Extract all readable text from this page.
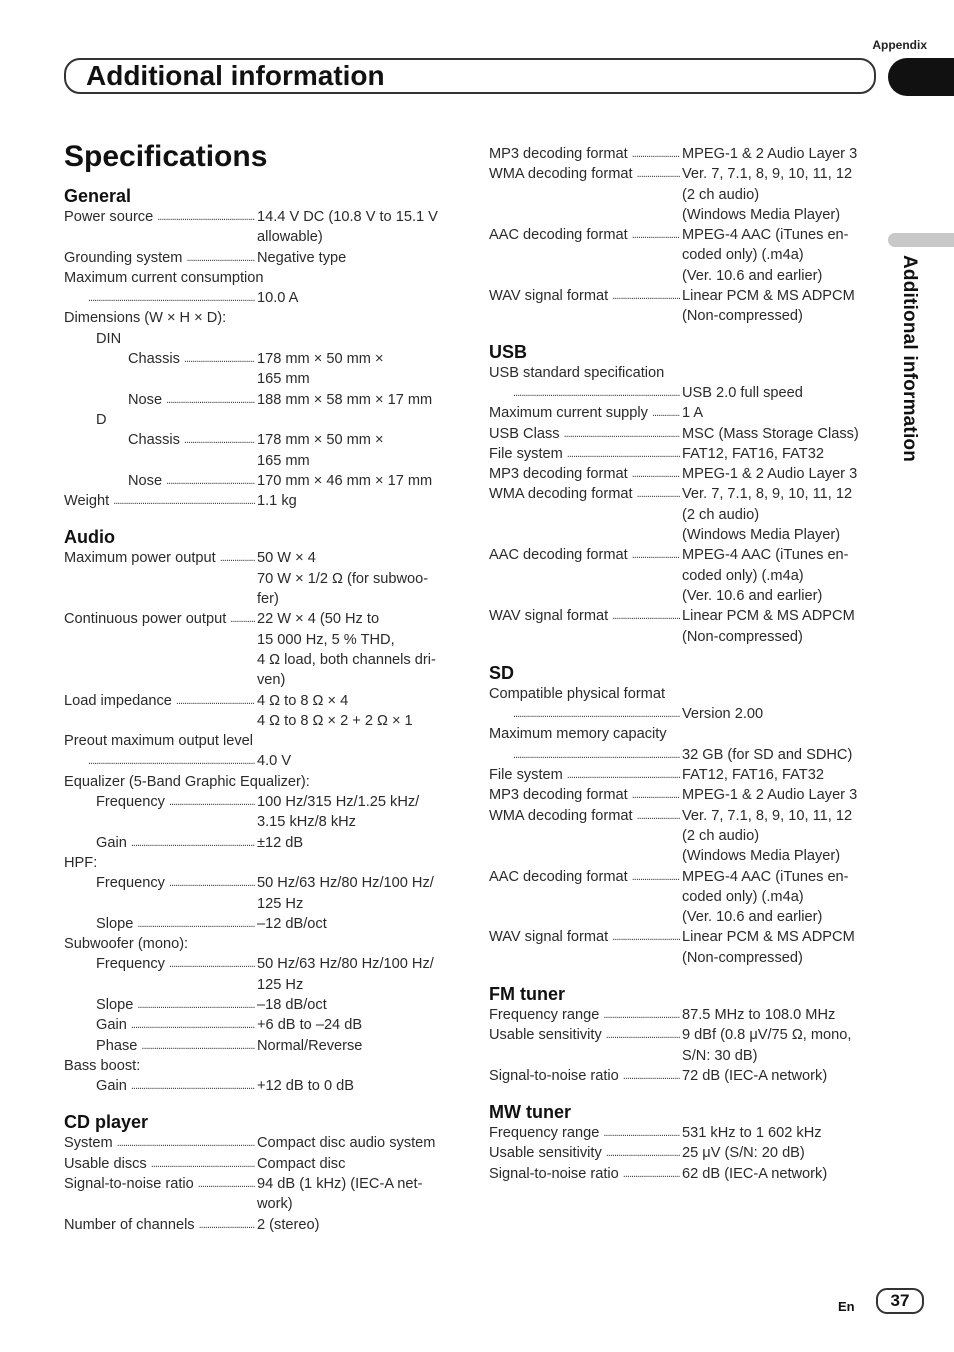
Appendix
Additional information
Additional information
Specifications
General
Power source .....	14.4 V DC (10.8 V to 15.1 V
allowable)
Grounding system .....	Negative type
Maximum current consumption
.....
10.0 A
Dimensions (W × H × D):
DIN
Chassis .....	178 mm × 50 mm ×
165 mm
Nose .....	188 mm × 58 mm × 17 mm
D
Chassis .....	178 mm × 50 mm ×
165 mm
Nose .....	170 mm × 46 mm × 17 mm
Weight .....	1.1 kg
Audio
Maximum power output .....	50 W × 4
70 W × 1/2 Ω (for subwoo-
fer)
Continuous power output ..... 22 W × 4 (50 Hz to
15 000 Hz, 5 % THD,
4 Ω load, both channels dri-
ven)
Load impedance .....	4 Ω to 8 Ω × 4
4 Ω to 8 Ω × 2 + 2 Ω × 1
Preout maximum output level
.....
4.0 V
Equalizer (5-Band Graphic Equalizer):
Frequency .....	100 Hz/315 Hz/1.25 kHz/
3.15 kHz/8 kHz
Gain .....	±12 dB
HPF:
Frequency .....	50 Hz/63 Hz/80 Hz/100 Hz/
125 Hz
Slope .....	–12 dB/oct
Subwoofer (mono):
Frequency .....	50 Hz/63 Hz/80 Hz/100 Hz/
125 Hz
Slope .....	–18 dB/oct
Gain .....	+6 dB to –24 dB
Phase .....	Normal/Reverse
Bass boost:
Gain .....	+12 dB to 0 dB
CD player
System .....	Compact disc audio system
Usable discs .....	Compact disc
Signal-to-noise ratio .....	94 dB (1 kHz) (IEC-A net-
work)
Number of channels .....	2 (stereo)
MP3 decoding format .....	MPEG-1 & 2 Audio Layer 3
WMA decoding format .....	Ver. 7, 7.1, 8, 9, 10, 11, 12
(2 ch audio)
(Windows Media Player)
AAC decoding format .....	MPEG-4 AAC (iTunes en-
coded only) (.m4a)
(Ver. 10.6 and earlier)
WAV signal format .....	Linear PCM & MS ADPCM
(Non-compressed)
USB
USB standard specification
.....
USB 2.0 full speed
Maximum current supply ..... 1 A
USB Class .....	MSC (Mass Storage Class)
File system .....	FAT12, FAT16, FAT32
MP3 decoding format .....	MPEG-1 & 2 Audio Layer 3
WMA decoding format .....	Ver. 7, 7.1, 8, 9, 10, 11, 12
(2 ch audio)
(Windows Media Player)
AAC decoding format .....	MPEG-4 AAC (iTunes en-
coded only) (.m4a)
(Ver. 10.6 and earlier)
WAV signal format .....	Linear PCM & MS ADPCM
(Non-compressed)
SD
Compatible physical format
.....
Version 2.00
Maximum memory capacity
.....
32 GB (for SD and SDHC)
File system .....	FAT12, FAT16, FAT32
MP3 decoding format .....	MPEG-1 & 2 Audio Layer 3
WMA decoding format .....	Ver. 7, 7.1, 8, 9, 10, 11, 12
(2 ch audio)
(Windows Media Player)
AAC decoding format .....	MPEG-4 AAC (iTunes en-
coded only) (.m4a)
(Ver. 10.6 and earlier)
WAV signal format .....	Linear PCM & MS ADPCM
(Non-compressed)
FM tuner
Frequency range .....	87.5 MHz to 108.0 MHz
Usable sensitivity .....	9 dBf (0.8 μV/75 Ω, mono,
S/N: 30 dB)
Signal-to-noise ratio .....	72 dB (IEC-A network)
MW tuner
Frequency range .....	531 kHz to 1 602 kHz
Usable sensitivity .....	25 μV (S/N: 20 dB)
Signal-to-noise ratio .....	62 dB (IEC-A network)
En	37
